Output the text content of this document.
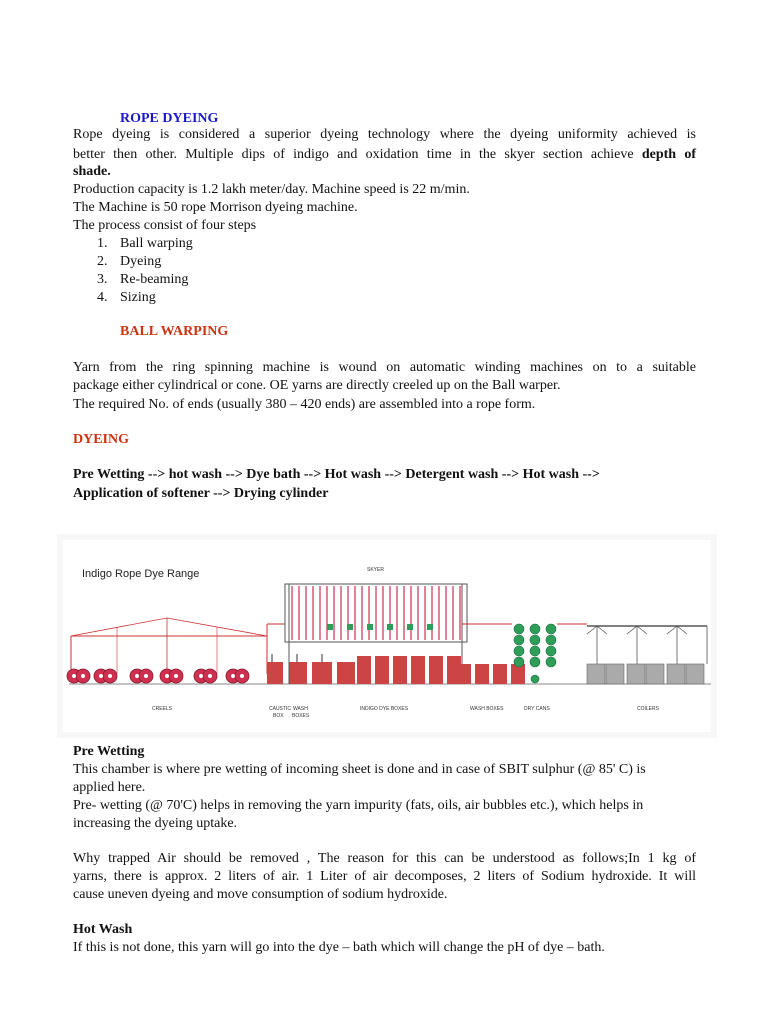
ROPE DYEING
Rope dyeing is considered a superior dyeing technology where the dyeing uniformity achieved is
better then other. Multiple dips of indigo and oxidation time in the skyer section achieve depth of
shade.
Production capacity is 1.2 lakh meter/day. Machine speed is 22 m/min.
The Machine is 50 rope Morrison dyeing machine.
The process consist of four steps
1. Ball warping
2. Dyeing
3. Re-beaming
4. Sizing
BALL WARPING
Yarn from the ring spinning machine is wound on automatic winding machines on to a suitable
package either cylindrical or cone. OE yarns are directly creeled up on the Ball warper.
The required No. of ends (usually 380 – 420 ends) are assembled into a rope form.
DYEING
Pre Wetting --> hot wash --> Dye bath --> Hot wash --> Detergent wash --> Hot wash -->
Application of softener --> Drying cylinder
Indigo Rope Dye Range	SKYER
CREELS	CAUSTIC
BOX
WASH
BOXES
INDIGO DYE BOXES	WASH BOXES	DRY CANS	COILERS
Pre Wetting
This chamber is where pre wetting of incoming sheet is done and in case of SBIT sulphur (@ 85' C) is
applied here.
Pre- wetting (@ 70'C) helps in removing the yarn impurity (fats, oils, air bubbles etc.), which helps in
increasing the dyeing uptake.
Why trapped Air should be removed , The reason for this can be understood as follows;In 1 kg of
yarns, there is approx. 2 liters of air. 1 Liter of air decomposes, 2 liters of Sodium hydroxide. It will
cause uneven dyeing and move consumption of sodium hydroxide.
Hot Wash
If this is not done, this yarn will go into the dye – bath which will change the pH of dye – bath.
